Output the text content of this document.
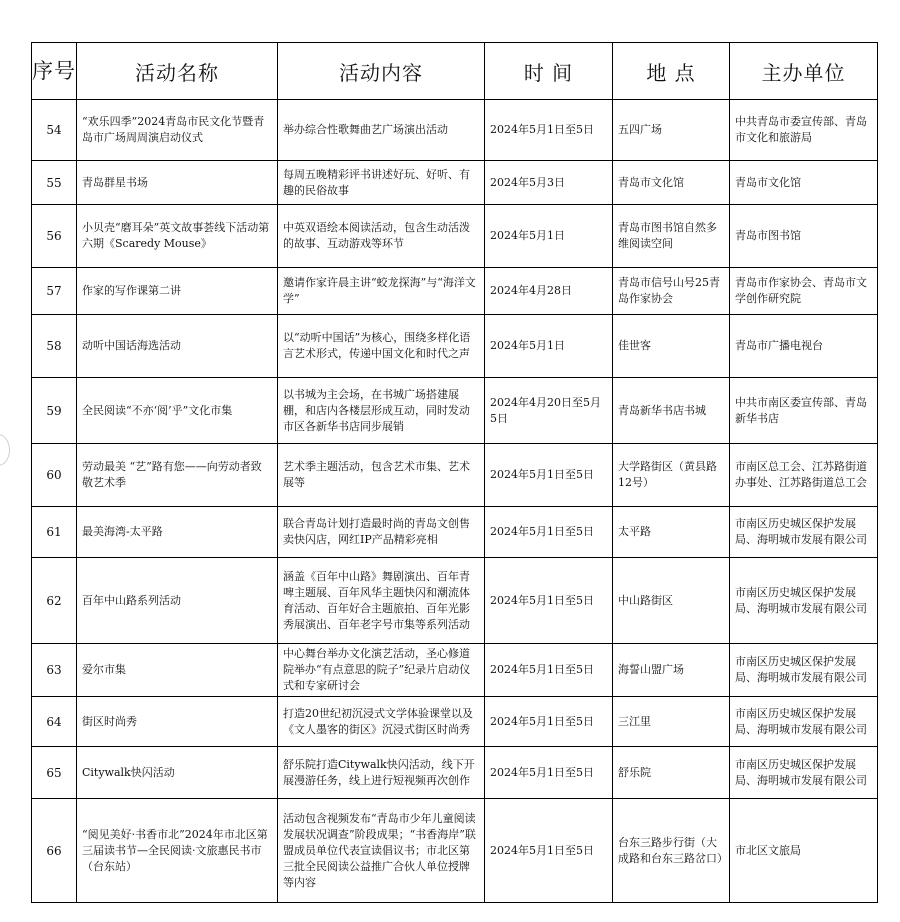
序号	活动名称	活动内容	时 间	地 点	主办单位
54	“欢乐四季”2024青岛市民文化节暨青岛市广场周周演启动仪式	举办综合性歌舞曲艺广场演出活动	2024年5月1日至5日	五四广场	中共青岛市委宣传部、青岛市文化和旅游局
55	青岛群星书场	每周五晚精彩评书讲述好玩、好听、有趣的民俗故事	2024年5月3日	青岛市文化馆	青岛市文化馆
56	小贝壳“磨耳朵”英文故事荟线下活动第六期《Scaredy Mouse》	中英双语绘本阅读活动，包含生动活泼的故事、互动游戏等环节	2024年5月1日	青岛市图书馆自然多维阅读空间	青岛市图书馆
57	作家的写作课第二讲	邀请作家许晨主讲“蛟龙探海”与“海洋文学”	2024年4月28日	青岛市信号山号25青岛作家协会	青岛市作家协会、青岛市文学创作研究院
58	动听中国话海选活动	以“动听中国话”为核心，围绕多样化语言艺术形式，传递中国文化和时代之声	2024年5月1日	佳世客	青岛市广播电视台
59	全民阅读“不亦‘阅’乎”文化市集	以书城为主会场，在书城广场搭建展棚，和店内各楼层形成互动，同时发动市区各新华书店同步展销	2024年4月20日至5月5日	青岛新华书店书城	中共市南区委宣传部、青岛新华书店
60	劳动最美 “艺”路有您——向劳动者致敬艺术季	艺术季主题活动，包含艺术市集、艺术展等	2024年5月1日至5日	大学路街区（黄县路12号）	市南区总工会、江苏路街道办事处、江苏路街道总工会
61	最美海湾-太平路	联合青岛计划打造最时尚的青岛文创售卖快闪店，网红IP产品精彩亮相	2024年5月1日至5日	太平路	市南区历史城区保护发展局、海明城市发展有限公司
62	百年中山路系列活动	涵盖《百年中山路》舞剧演出、百年青啤主题展、百年风华主题快闪和潮流体育活动、百年好合主题旅拍、百年光影秀展演出、百年老字号市集等系列活动	2024年5月1日至5日	中山路街区	市南区历史城区保护发展局、海明城市发展有限公司
63	爱尔市集	中心舞台举办文化演艺活动，圣心修道院举办“有点意思的院子”纪录片启动仪式和专家研讨会	2024年5月1日至5日	海誓山盟广场	市南区历史城区保护发展局、海明城市发展有限公司
64	街区时尚秀	打造20世纪初沉浸式文学体验课堂以及《文人墨客的街区》沉浸式街区时尚秀	2024年5月1日至5日	三江里	市南区历史城区保护发展局、海明城市发展有限公司
65	Citywalk快闪活动	舒乐院打造Citywalk快闪活动，线下开展漫游任务，线上进行短视频再次创作	2024年5月1日至5日	舒乐院	市南区历史城区保护发展局、海明城市发展有限公司
66	“阅见美好·书香市北”2024年市北区第三届读书节—全民阅读·文旅惠民书市（台东站）	活动包含视频发布“青岛市少年儿童阅读发展状况调查”阶段成果；“书香海岸”联盟成员单位代表宣读倡议书；市北区第三批全民阅读公益推广合伙人单位授牌等内容	2024年5月1日至5日	台东三路步行街（大成路和台东三路岔口）	市北区文旅局
